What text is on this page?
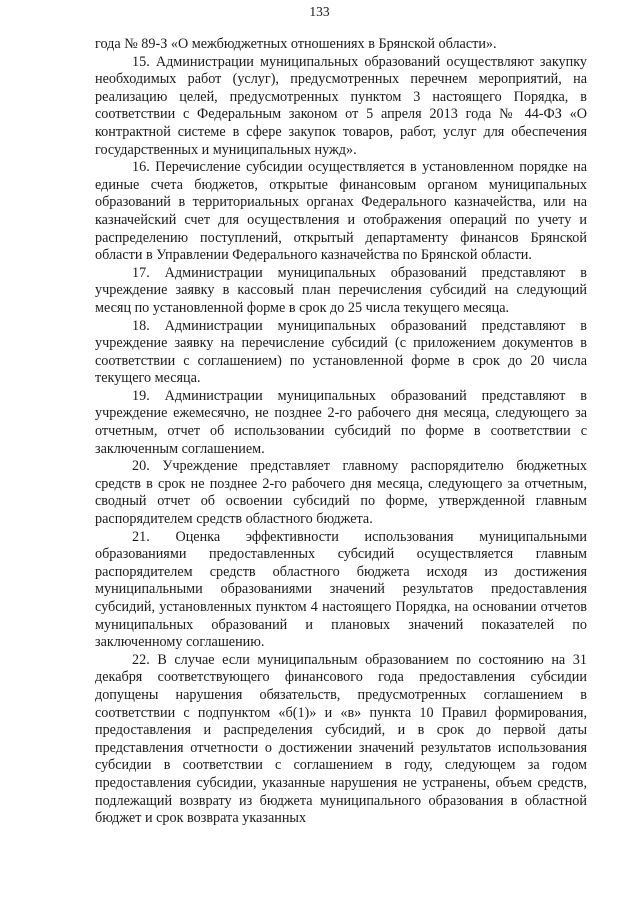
133

года № 89-З «О межбюджетных отношениях в Брянской области».

15. Администрации муниципальных образований осуществляют закупку необходимых работ (услуг), предусмотренных перечнем мероприятий, на реализацию целей, предусмотренных пунктом 3 настоящего Порядка, в соответствии с Федеральным законом от 5 апреля 2013 года № 44-ФЗ «О контрактной системе в сфере закупок товаров, работ, услуг для обеспечения государственных и муниципальных нужд».

16. Перечисление субсидии осуществляется в установленном порядке на единые счета бюджетов, открытые финансовым органом муниципальных образований в территориальных органах Федерального казначейства, или на казначейский счет для осуществления и отображения операций по учету и распределению поступлений, открытый департаменту финансов Брянской области в Управлении Федерального казначейства по Брянской области.

17. Администрации муниципальных образований представляют в учреждение заявку в кассовый план перечисления субсидий на следующий месяц по установленной форме в срок до 25 числа текущего месяца.

18. Администрации муниципальных образований представляют в учреждение заявку на перечисление субсидий (с приложением документов в соответствии с соглашением) по установленной форме в срок до 20 числа текущего месяца.

19. Администрации муниципальных образований представляют в учреждение ежемесячно, не позднее 2-го рабочего дня месяца, следующего за отчетным, отчет об использовании субсидий по форме в соответствии с заключенным соглашением.

20. Учреждение представляет главному распорядителю бюджетных средств в срок не позднее 2-го рабочего дня месяца, следующего за отчетным, сводный отчет об освоении субсидий по форме, утвержденной главным распорядителем средств областного бюджета.

21. Оценка эффективности использования муниципальными образованиями предоставленных субсидий осуществляется главным распорядителем средств областного бюджета исходя из достижения муниципальными образованиями значений результатов предоставления субсидий, установленных пунктом 4 настоящего Порядка, на основании отчетов муниципальных образований и плановых значений показателей по заключенному соглашению.

22. В случае если муниципальным образованием по состоянию на 31 декабря соответствующего финансового года предоставления субсидии допущены нарушения обязательств, предусмотренных соглашением в соответствии с подпунктом «б(1)» и «в» пункта 10 Правил формирования, предоставления и распределения субсидий, и в срок до первой даты представления отчетности о достижении значений результатов использования субсидии в соответствии с соглашением в году, следующем за годом предоставления субсидии, указанные нарушения не устранены, объем средств, подлежащий возврату из бюджета муниципального образования в областной бюджет и срок возврата указанных
